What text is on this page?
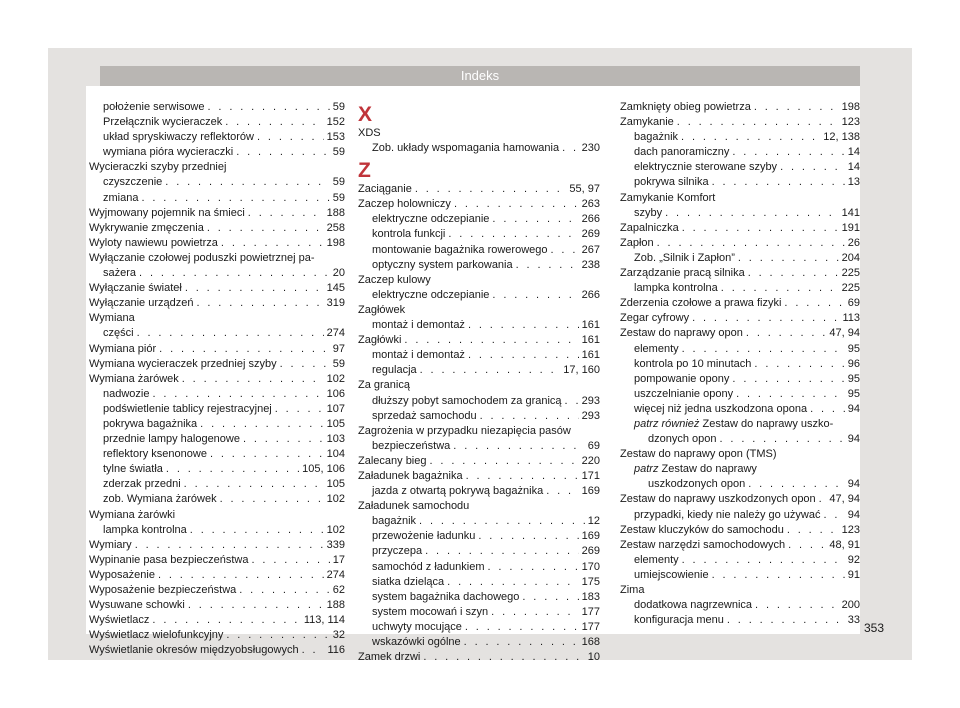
Indeks
położenie serwisowe . . .	59
Przełącznik wycieraczek . . .	152
układ spryskiwaczy reflektorów . . .	153
wymiana pióra wycieraczki . . .	59
Wycieraczki szyby przedniej
czyszczenie . . .	59
zmiana . . .	59
Wyjmowany pojemnik na śmieci . . .	188
Wykrywanie zmęczenia . . .	258
Wyloty nawiewu powietrza . . .	198
Wyłączanie czołowej poduszki powietrznej pa-
sażera . . .	20
Wyłączanie świateł . . .	145
Wyłączanie urządzeń . . .	319
Wymiana
części . . .	274
Wymiana piór . . .	97
Wymiana wycieraczek przedniej szyby . . .	59
Wymiana żarówek . . .	102
nadwozie . . .	106
podświetlenie tablicy rejestracyjnej . . .	107
pokrywa bagażnika . . .	105
przednie lampy halogenowe . . .	103
reflektory ksenonowe . . .	104
tylne światła . . .	105, 106
zderzak przedni . . .	105
zob. Wymiana żarówek . . .	102
Wymiana żarówki
lampka kontrolna . . .	102
Wymiary . . .	339
Wypinanie pasa bezpieczeństwa . . .	17
Wyposażenie . . .	274
Wyposażenie bezpieczeństwa . . .	62
Wysuwane schowki . . .	188
Wyświetlacz . . .	113, 114
Wyświetlacz wielofunkcyjny . . .	32
Wyświetlanie okresów międzyobsługowych . . .	116
X
XDS
Zob. układy wspomagania hamowania . . . 230
Z
Zaciąganie . . .	55, 97
Zaczep holowniczy . . .	263
elektryczne odczepianie . . .	266
kontrola funkcji . . .	269
montowanie bagażnika rowerowego . . .	267
optyczny system parkowania . . .	238
Zaczep kulowy
elektryczne odczepianie . . .	266
Zagłówek
montaż i demontaż . . .	161
Zagłówki . . .	161
montaż i demontaż . . .	161
regulacja . . .	17, 160
Za granicą
dłuższy pobyt samochodem za granicą . . . 293
sprzedaż samochodu . . .	293
Zagrożenia w przypadku niezapięcia pasów
bezpieczeństwa . . .	69
Zalecany bieg . . .	220
Załadunek bagażnika . . .	171
jazda z otwartą pokrywą bagażnika . . .	169
Załadunek samochodu
bagażnik . . .	12
przewożenie ładunku . . .	169
przyczepa . . .	269
samochód z ładunkiem . . .	170
siatka dzieląca . . .	175
system bagażnika dachowego . . .	183
system mocowań i szyn . . .	177
uchwyty mocujące . . .	177
wskazówki ogólne . . .	168
Zamek drzwi . . .	10
Zamknięty obieg powietrza . . .	198
Zamykanie . . .	123
bagażnik . . .	12, 138
dach panoramiczny . . .	14
elektrycznie sterowane szyby . . .	14
pokrywa silnika . . .	13
Zamykanie Komfort
szyby . . .	141
Zapalniczka . . .	191
Zapłon . . .	26
Zob. „Silnik i Zapłon” . . .	204
Zarządzanie pracą silnika . . .	225
lampka kontrolna . . .	225
Zderzenia czołowe a prawa fizyki . . .	69
Zegar cyfrowy . . .	113
Zestaw do naprawy opon . . .	47, 94
elementy . . .	95
kontrola po 10 minutach . . .	96
pompowanie opony . . .	95
uszczelnianie opony . . .	95
więcej niż jedna uszkodzona opona . . .	94
patrz również Zestaw do naprawy uszko-
dzonych opon . . .	94
Zestaw do naprawy opon (TMS)
patrz Zestaw do naprawy
uszkodzonych opon . . .	94
Zestaw do naprawy uszkodzonych opon . . . 47, 94
przypadki, kiedy nie należy go używać . . . 94
Zestaw kluczyków do samochodu . . .	123
Zestaw narzędzi samochodowych . . .	48, 91
elementy . . .	92
umiejscowienie . . .	91
Zima
dodatkowa nagrzewnica . . .	200
konfiguracja menu . . .	33
353
